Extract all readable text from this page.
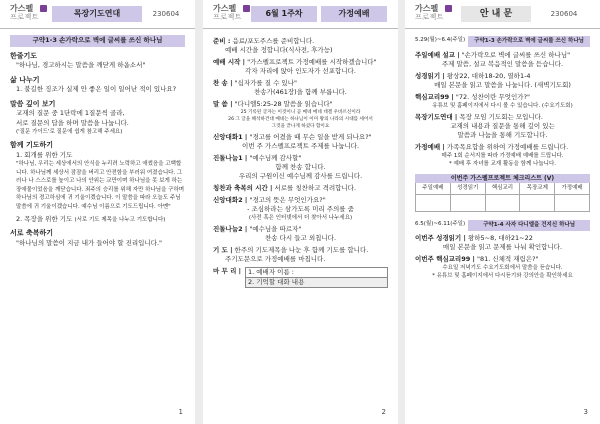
가스펠
프로젝트	목장기도연대	230604
구약1-3 손가락으로 벽에 글씨를 쓰신 하나님
한줄기도
"하나님, 경고하시는 말씀을 깨닫게 하옵소서"
삶 나누기
1. 불길한 징조가 실제 안 좋은 일이 일어난 적이 있나요?
말씀 깊이 보기
교재의 질문 중 1단락에 1질문씩 골라,
서로 질문의 답을 하며 말씀을 나눕니다.
('질문 가이드'로 질문에 쉽게 참고해 주세요)
함께 기도하기
1. 회개를 위한 기도
"하나님, 우리는 세상에서의 안식을 누리려 노력하고 애썼음을 고백합니다. 하나님께 세상서 잠잠을 버리고 안전함을 부러워 여겼습니다. 그러나 나 스스로를 높이고 나의 안위는 교만이며 하나님을 못 보게 하는 장애물이었음을 깨닫습니다. 죄주의 승리를 위해 자만 하나님을 구하며 하나님의 경고하심에 귀 기울이겠습니다. 이 말씀을 따라 오늘도 주님 말씀에 귀 기울이겠습니다. 예수님 이름으로 기도드립니다. 아멘"
2. 목장을 위한 기도 (서로 기도 제목을 나누고 기도합니다)
서로 축복하기
"하나님의 말씀이 지금 내가 들어야 할 진리입니다."
1
가스펠
프로젝트	6월 1주차	가정예배
준비 :
음료/포도주스를 준비합니다.
예배 시간을 정합니다(식사전, 후가능)
예배 시작 |
"가스펠프로젝트 가정예배를 시작하겠습니다"
각자 자리에 앉아 인도자가 선포합니다.
찬 송 |
"십자가를 질 수 있나"
찬송가(461장)을 함께 부릅니다.
말 씀 |
"다니엘5:25-28 말씀을 읽습니다"
25 기록된 글자는 이것이니 곧 메네 메네 데겔 우바르신이라
26 그 글을 해석하건대 메네는 하나님이 이미 왕의 나라의 시대를 세어서
그것을 끝나게 하셨다 함이요
신앙대화1 |
"경고를 어겼을 때 무슨 일을 받게 되나요?"
이번 주 가스펠프로젝트 주제를 나눕니다.
진돌나눔1 |
"예수님께 감사할"
함께 찬송 합니다.
우리의 구원이신 예수님께 감사를 드립니다.
칭찬과 축복의 시간 |
서로를 칭찬하고 격려합니다.
신앙대화2 |
"경고의 뜻은 무엇인가요?"
- 조심하라는 삼가도록 미리 주의를 줌
(사전 혹은 인터넷에서 더 찾아서 나누세요)
진돌나눔2 |
"예수님을 따르자"
찬송 다시 들고 외칩니다.
기 도 |
한주의 기도제목을 나눈 후 함께 기도를 합니다.
주기도문으로 가정예배를 마칩니다.
마 무 리 |	1. 예배자 이름 :
2. 기억할 대화 내용
2
가스펠
프로젝트	안 내 문	230604
5.29(월)~6.4(주일)	구약1-3 손가락으로 벽에 글씨를 쓰신 하나님
주일예배 설교 |
"손가락으로 벽에 글씨를 쓰신 하나님"
주제 말씀, 설교 복음적인 말씀을 듣습니다.
성경읽기 |
왕상22, 대하18-20, 열하1-4
매일 본문을 읽고 말씀을 나눕니다. (새벽기도회)
핵심교리99 |
"72. 성찬이란 무엇인가?"
유튜브 및 홈페이지에서 다시 볼 수 있습니다. (수요기도회)
목장기도연대 |
목장 모임 기도회는 모입니다.
교재의 내용과 질문을 통해 깊이 있는
말씀과 나눔을 통해 기도합니다.
가정예배 |
가족목요합을 위하여 가정예배를 드립니다.
매주 1회 순서지를 따라 가정예배 예배를 드립니다.
* 예배 후 자녀를 교재 활동을 함께 나눕니다.
이번주 가스펠프로젝트 체크리스트 (V)
주일예배	성경읽기	핵심교리	목장교제	가정예배
6.5(월)~6.11(주일)	구약1-4 사자 다니엘을 건지신 하나님
이번주 성경읽기 |
왕하5~8, 대하21~22
매일 본문을 읽고 문제를 나눠 확인합니다.
이번주 핵심교리99 |
"81. 신체적 재림은?"
수요일 저녁기도 수요기도회에서 말씀을 듣습니다.
* 유튜브 및 홈페이지에서 다시듣기와 강의안을 확인하세요
3
